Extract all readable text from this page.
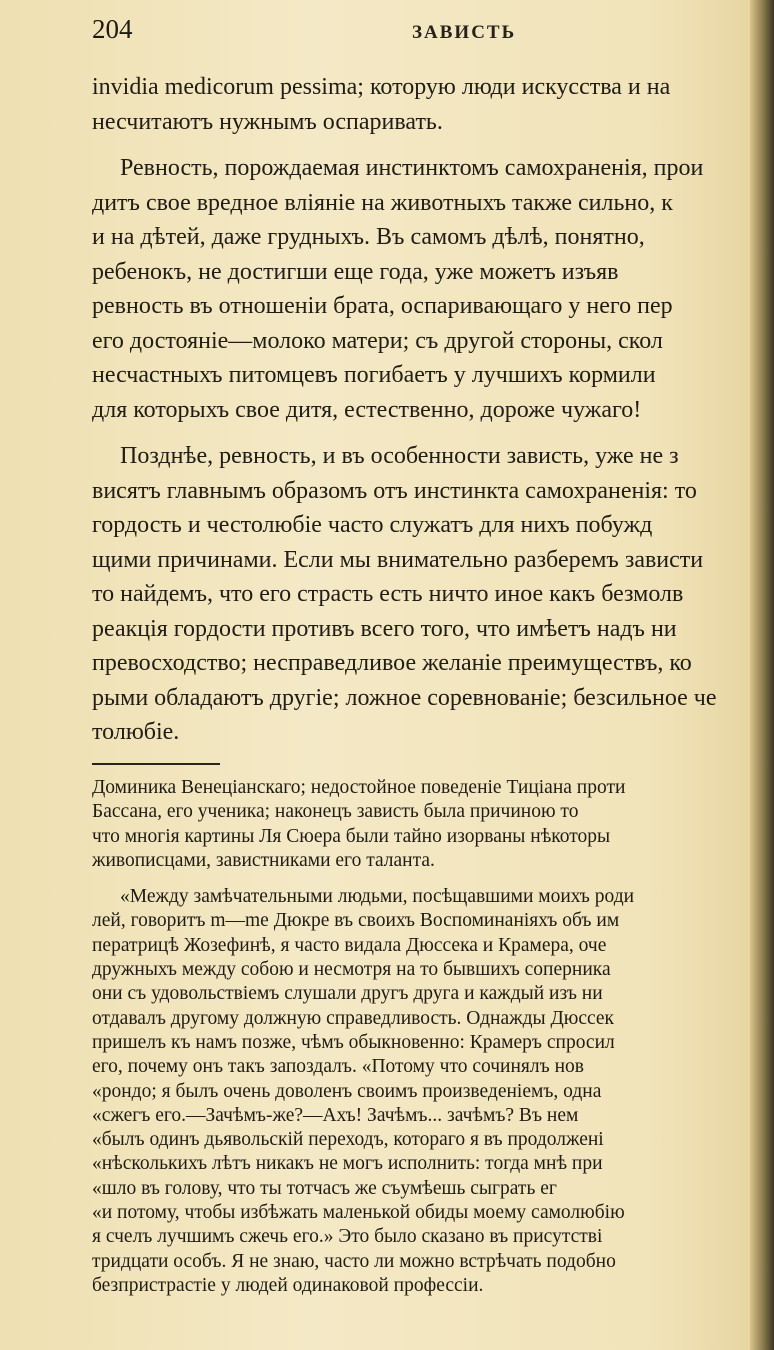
204	ЗАВИСТЬ
invidia medicorum pessima; которую люди искусства и на
несчитаютъ нужнымъ оспаривать.
Ревность, порождаемая инстинктомъ самохраненія, прои
дитъ свое вредное вліяніе на животныхъ также сильно, к
и на дѣтей, даже грудныхъ. Въ самомъ дѣлѣ, понятно,
ребенокъ, не достигши еще года, уже можетъ изъяв
ревность въ отношеніи брата, оспаривающаго у него пер
его достояніе—молоко матери; съ другой стороны, скол
несчастныхъ питомцевъ погибаетъ у лучшихъ кормили
для которыхъ свое дитя, естественно, дороже чужаго!
Позднѣе, ревность, и въ особенности зависть, уже не з
висятъ главнымъ образомъ отъ инстинкта самохраненія: то
гордость и честолюбіе часто служатъ для нихъ побужд
щими причинами. Если мы внимательно разберемъ зависти
то найдемъ, что его страсть есть ничто иное какъ безмолв
реакція гордости противъ всего того, что имѣетъ надъ ни
превосходство; несправедливое желаніе преимуществъ, ко
рыми обладаютъ другіе; ложное соревнованіе; безсильное че
толюбіе.
Доминика Венеціанскаго; недостойное поведеніе Тиціана проти
Бассана, его ученика; наконецъ зависть была причиною то
что многія картины Ля Сюера были тайно изорваны нѣкоторы
живописцами, завистниками его таланта.
«Между замѣчательными людьми, посѣщавшими моихъ роди
лей, говоритъ m—me Дюкре въ своихъ Воспоминаніяхъ объ им
ператрицѣ Жозефинѣ, я часто видала Дюссека и Крамера, оче
дружныхъ между собою и несмотря на то бывшихъ соперника
они съ удовольствіемъ слушали другъ друга и каждый изъ ни
отдавалъ другому должную справедливость. Однажды Дюссек
пришелъ къ намъ позже, чѣмъ обыкновенно: Крамеръ спросил
его, почему онъ такъ запоздалъ. «Потому что сочинялъ нов
«рондо; я былъ очень доволенъ своимъ произведеніемъ, одна
«сжегъ его.—Зачѣмъ-же?—Ахъ! Зачѣмъ... зачѣмъ? Въ нем
«былъ одинъ дьявольскій переходъ, котораго я въ продолжені
«нѣсколькихъ лѣтъ никакъ не могъ исполнить: тогда мнѣ при
«шло въ голову, что ты тотчасъ же съумѣешь сыграть ег
«и потому, чтобы избѣжать маленькой обиды моему самолюбію
я счелъ лучшимъ сжечь его.» Это было сказано въ присутстві
тридцати особъ. Я не знаю, часто ли можно встрѣчать подобно
безпристрастіе у людей одинаковой профессіи.
